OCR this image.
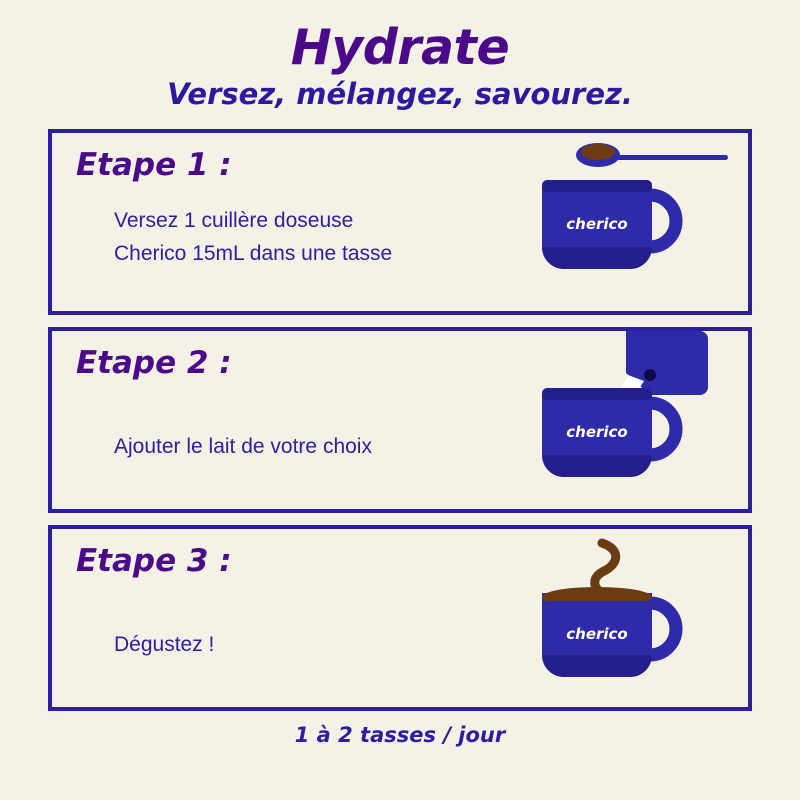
Hydrate
Versez, mélangez, savourez.
Etape 1 :
Versez 1 cuillère doseuse
Cherico 15mL dans une tasse
cherico
Etape 2 :
Ajouter le lait de votre choix
cherico
Etape 3 :
Dégustez !	cherico
1 à 2 tasses / jour
